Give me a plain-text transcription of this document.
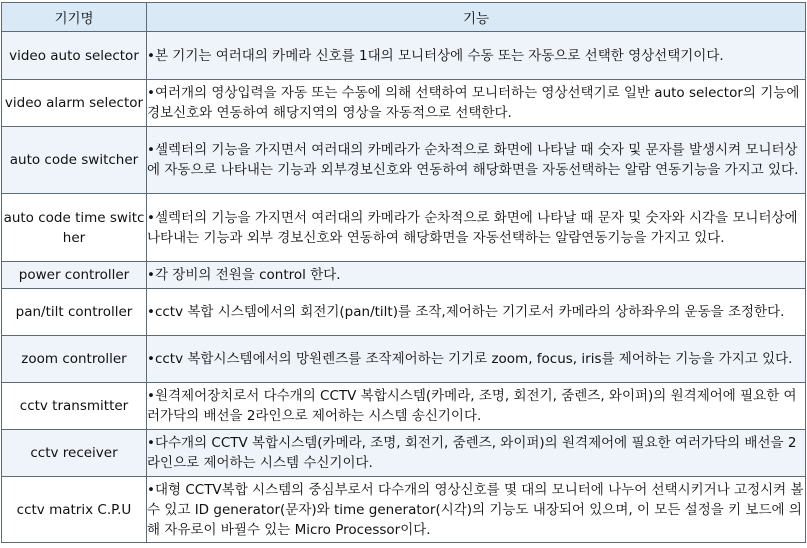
기기명	기능
video auto selector	•본 기기는 여러대의 카메라 신호를 1대의 모니터상에 수동 또는 자동으로 선택한 영상선택기이다.
video alarm selector	•여러개의 영상입력을 자동 또는 수동에 의해 선택하여 모니터하는 영상선택기로 일반 auto selector의 기능에 경보신호와 연동하여 해당지역의 영상을 자동적으로 선택한다.
auto code switcher	•셀렉터의 기능을 가지면서 여러대의 카메라가 순차적으로 화면에 나타날 때 숫자 및 문자를 발생시켜 모니터상에 자동으로 나타내는 기능과 외부경보신호와 연동하여 해당화면을 자동선택하는 알람 연동기능을 가지고 있다.
auto code time switcher	•셀렉터의 기능을 가지면서 여러대의 카메라가 순차적으로 화면에 나타날 때 문자 및 숫자와 시각을 모니터상에 나타내는 기능과 외부 경보신호와 연동하여 해당화면을 자동선택하는 알람연동기능을 가지고 있다.
power controller	•각 장비의 전원을 control 한다.
pan/tilt controller	•cctv 복합 시스템에서의 회전기(pan/tilt)를 조작,제어하는 기기로서 카메라의 상하좌우의 운동을 조정한다.
zoom controller	•cctv 복합시스템에서의 망원렌즈를 조작제어하는 기기로 zoom, focus, iris를 제어하는 기능을 가지고 있다.
cctv transmitter	•원격제어장치로서 다수개의 CCTV 복합시스템(카메라, 조명, 회전기, 줌렌즈, 와이퍼)의 원격제어에 필요한 여러가닥의 배선을 2라인으로 제어하는 시스템 송신기이다.
cctv receiver	•다수개의 CCTV 복합시스템(카메라, 조명, 회전기, 줌렌즈, 와이퍼)의 원격제어에 필요한 여러가닥의 배선을 2라인으로 제어하는 시스템 수신기이다.
cctv matrix C.P.U	•대형 CCTV복합 시스템의 중심부로서 다수개의 영상신호를 몇 대의 모니터에 나누어 선택시키거나 고정시켜 볼 수 있고 ID generator(문자)와 time generator(시각)의 기능도 내장되어 있으며, 이 모든 설정을 키 보드에 의해 자유로이 바뀔수 있는 Micro Processor이다.
